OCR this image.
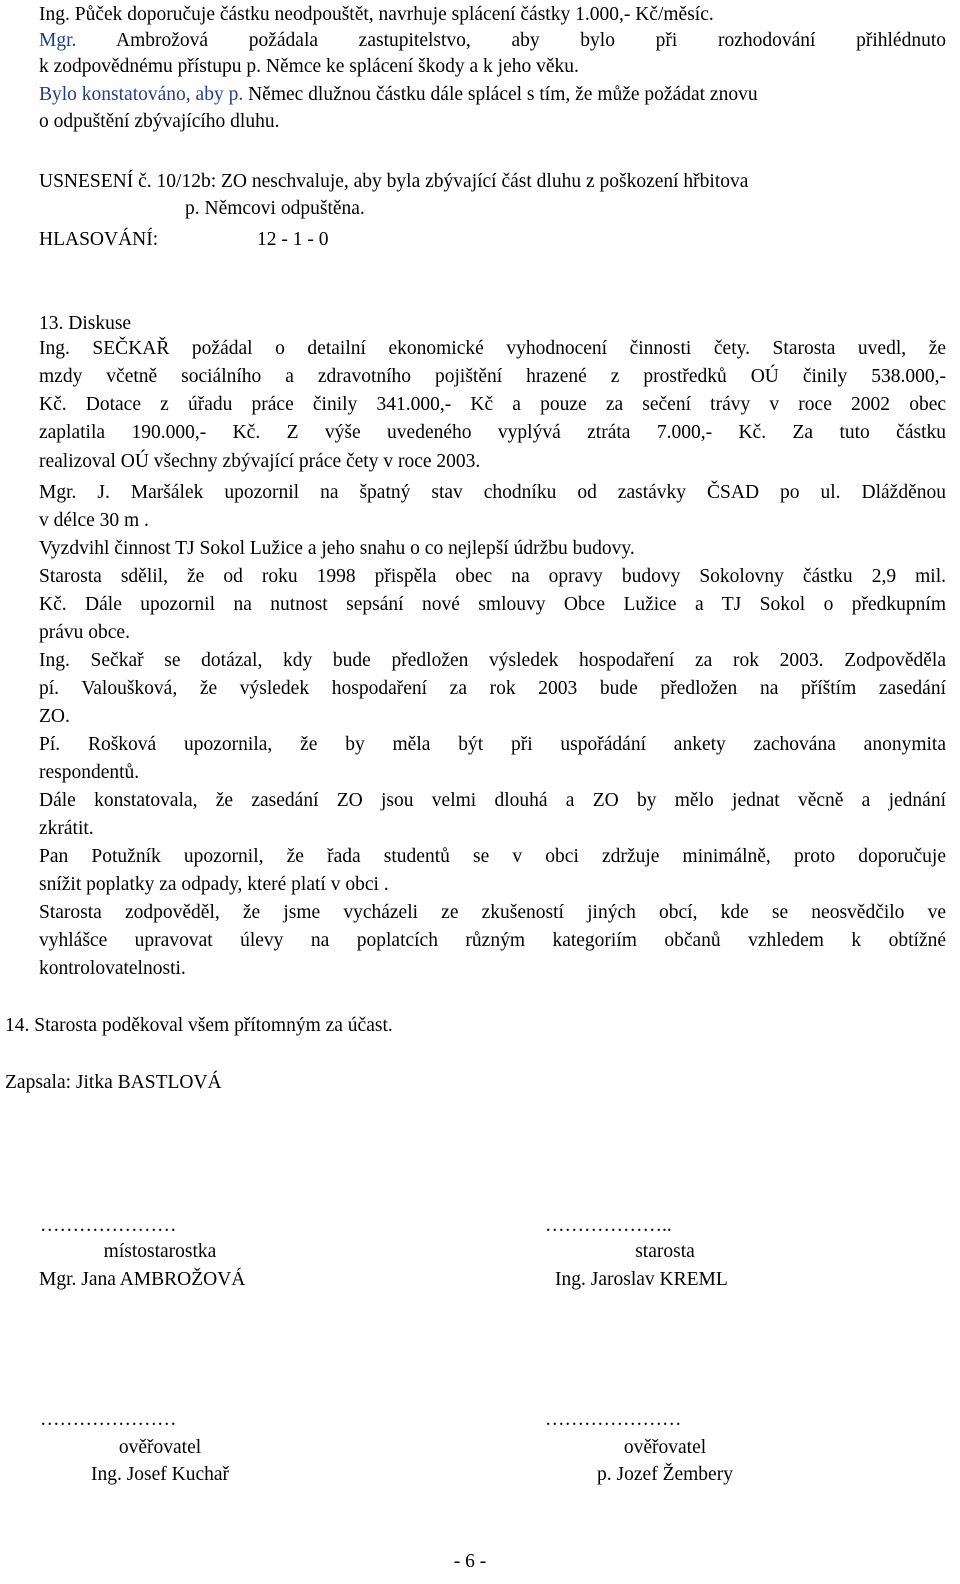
Ing. Půček doporučuje částku neodpouštět, navrhuje splácení částky 1.000,- Kč/měsíc.
Mgr. Ambrožová požádala zastupitelstvo, aby bylo při rozhodování přihlédnuto
k zodpovědnému přístupu p. Němce ke splácení škody a k jeho věku.
Bylo konstatováno, aby p. Němec dlužnou částku dále splácel s tím, že může požádat znovu
o odpuštění zbývajícího dluhu.
USNESENÍ č. 10/12b: ZO neschvaluje, aby byla zbývající část dluhu z poškození hřbitova
p. Němcovi odpuštěna.
HLASOVÁNÍ:	12 - 1 - 0
13. Diskuse
Ing. SEČKAŘ požádal o detailní ekonomické vyhodnocení činnosti čety. Starosta uvedl, že
mzdy včetně sociálního a zdravotního pojištění hrazené z prostředků OÚ činily 538.000,-
Kč. Dotace z úřadu práce činily 341.000,- Kč a pouze za sečení trávy v roce 2002 obec
zaplatila 190.000,- Kč. Z výše uvedeného vyplývá ztráta 7.000,- Kč. Za tuto částku
realizoval OÚ všechny zbývající práce čety v roce 2003.
Mgr. J. Maršálek upozornil na špatný stav chodníku od zastávky ČSAD po ul. Dlážděnou
v délce 30 m .
Vyzdvihl činnost TJ Sokol Lužice a jeho snahu o co nejlepší údržbu budovy.
Starosta sdělil, že od roku 1998 přispěla obec na opravy budovy Sokolovny částku 2,9 mil.
Kč. Dále upozornil na nutnost sepsání nové smlouvy Obce Lužice a TJ Sokol o předkupním
právu obce.
Ing. Sečkař se dotázal, kdy bude předložen výsledek hospodaření za rok 2003. Zodpověděla
pí. Valoušková, že výsledek hospodaření za rok 2003 bude předložen na příštím zasedání
ZO.
Pí. Rošková upozornila, že by měla být při uspořádání ankety zachována anonymita
respondentů.
Dále konstatovala, že zasedání ZO jsou velmi dlouhá a ZO by mělo jednat věcně a jednání
zkrátit.
Pan Potužník upozornil, že řada studentů se v obci zdržuje minimálně, proto doporučuje
snížit poplatky za odpady, které platí v obci .
Starosta zodpověděl, že jsme vycházeli ze zkušeností jiných obcí, kde se neosvědčilo ve
vyhlášce upravovat úlevy na poplatcích různým kategoriím občanů vzhledem k obtížné
kontrolovatelnosti.
14. Starosta poděkoval všem přítomným za účast.
Zapsala: Jitka BASTLOVÁ
…………………	………………..
místostarostka	starosta
Mgr. Jana AMBROŽOVÁ	Ing. Jaroslav KREML
…………………	…………………
ověřovatel	ověřovatel
Ing. Josef Kuchař	p. Jozef Žembery
- 6 -
